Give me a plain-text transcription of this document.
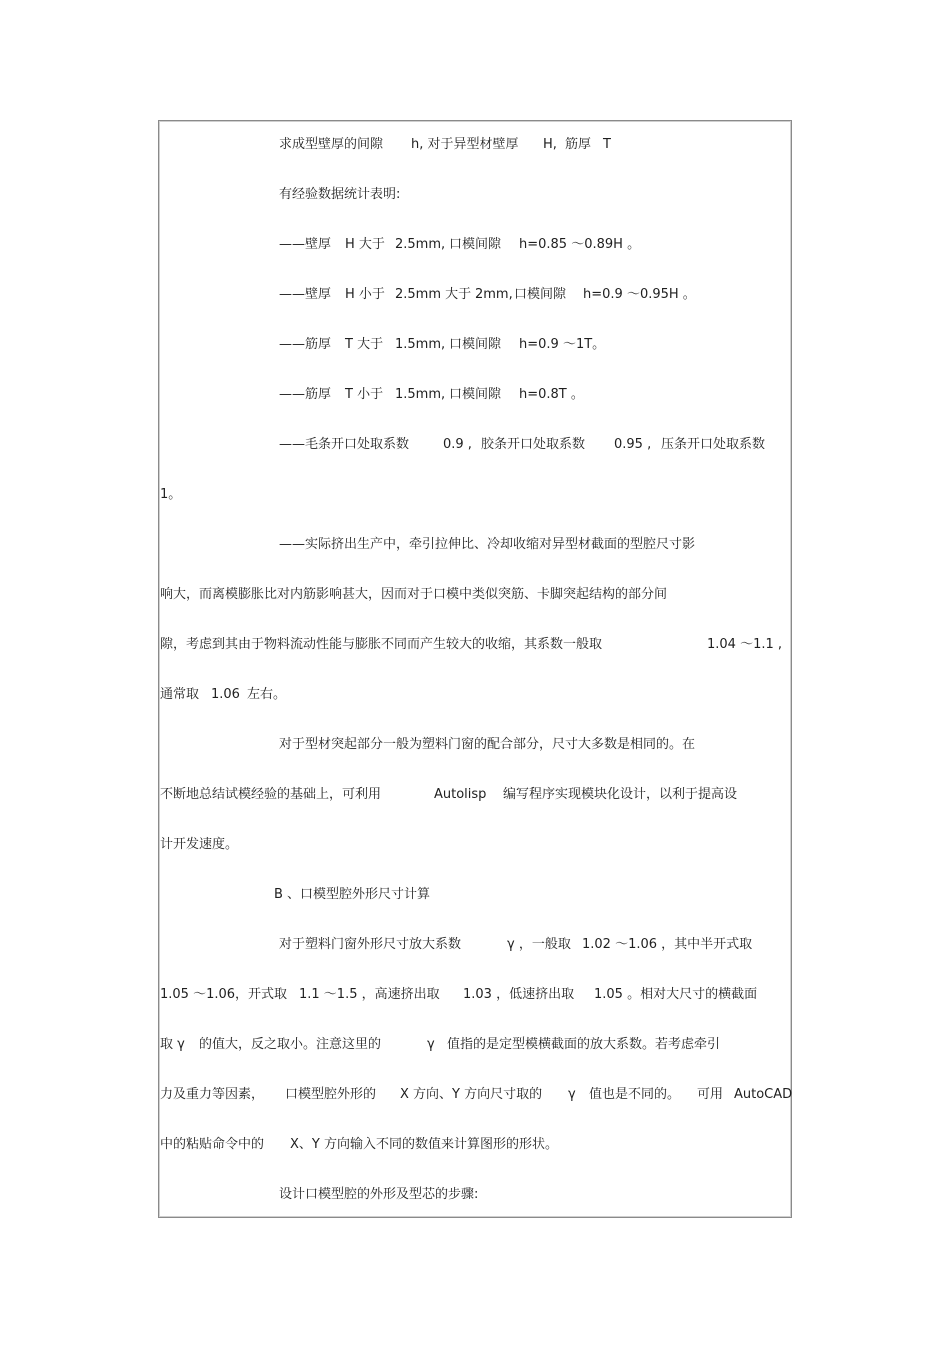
求成型壁厚的间隙 h, 对于异型材壁厚 H, 筋厚 T
有经验数据统计表明:
——壁厚 H 大于 2.5mm, 口模间隙 h=0.85 ～0.89H 。
——壁厚 H 小于 2.5mm 大于 2mm, 口模间隙 h=0.9 ～0.95H 。
——筋厚 T 大于 1.5mm, 口模间隙 h=0.9 ～1T。
——筋厚 T 小于 1.5mm, 口模间隙 h=0.8T 。
——毛条开口处取系数	0.9 , 胶条开口处取系数 0.95 , 压条开口处取系数
1。
——实际挤出生产中，牵引拉伸比、冷却收缩对异型材截面的型腔尺寸影
响大，而离模膨胀比对内筋影响甚大，因而对于口模中类似突筋、卡脚突起结构的部分间
隙，考虑到其由于物料流动性能与膨胀不同而产生较大的收缩，其系数一般取	1.04 ～1.1 ,
通常取 1.06 左右。
对于型材突起部分一般为塑料门窗的配合部分，尺寸大多数是相同的。在
不断地总结试模经验的基础上，可利用	Autolisp 编写程序实现模块化设计，以利于提高设
计开发速度。
B 、口模型腔外形尺寸计算
对于塑料门窗外形尺寸放大系数	γ ，一般取 1.02 ～1.06 ，其中半开式取
1.05 ～1.06，开式取 1.1 ～1.5 ，高速挤出取 1.03 ，低速挤出取 1.05 。相对大尺寸的横截面
取 γ 的值大，反之取小。注意这里的	γ 值指的是定型模横截面的放大系数。若考虑牵引
力及重力等因素， 口模型腔外形的 X 方向、Y 方向尺寸取的 γ 值也是不同的。 可用 AutoCAD
中的粘贴命令中的 X、Y 方向输入不同的数值来计算图形的形状。
设计口模型腔的外形及型芯的步骤:
